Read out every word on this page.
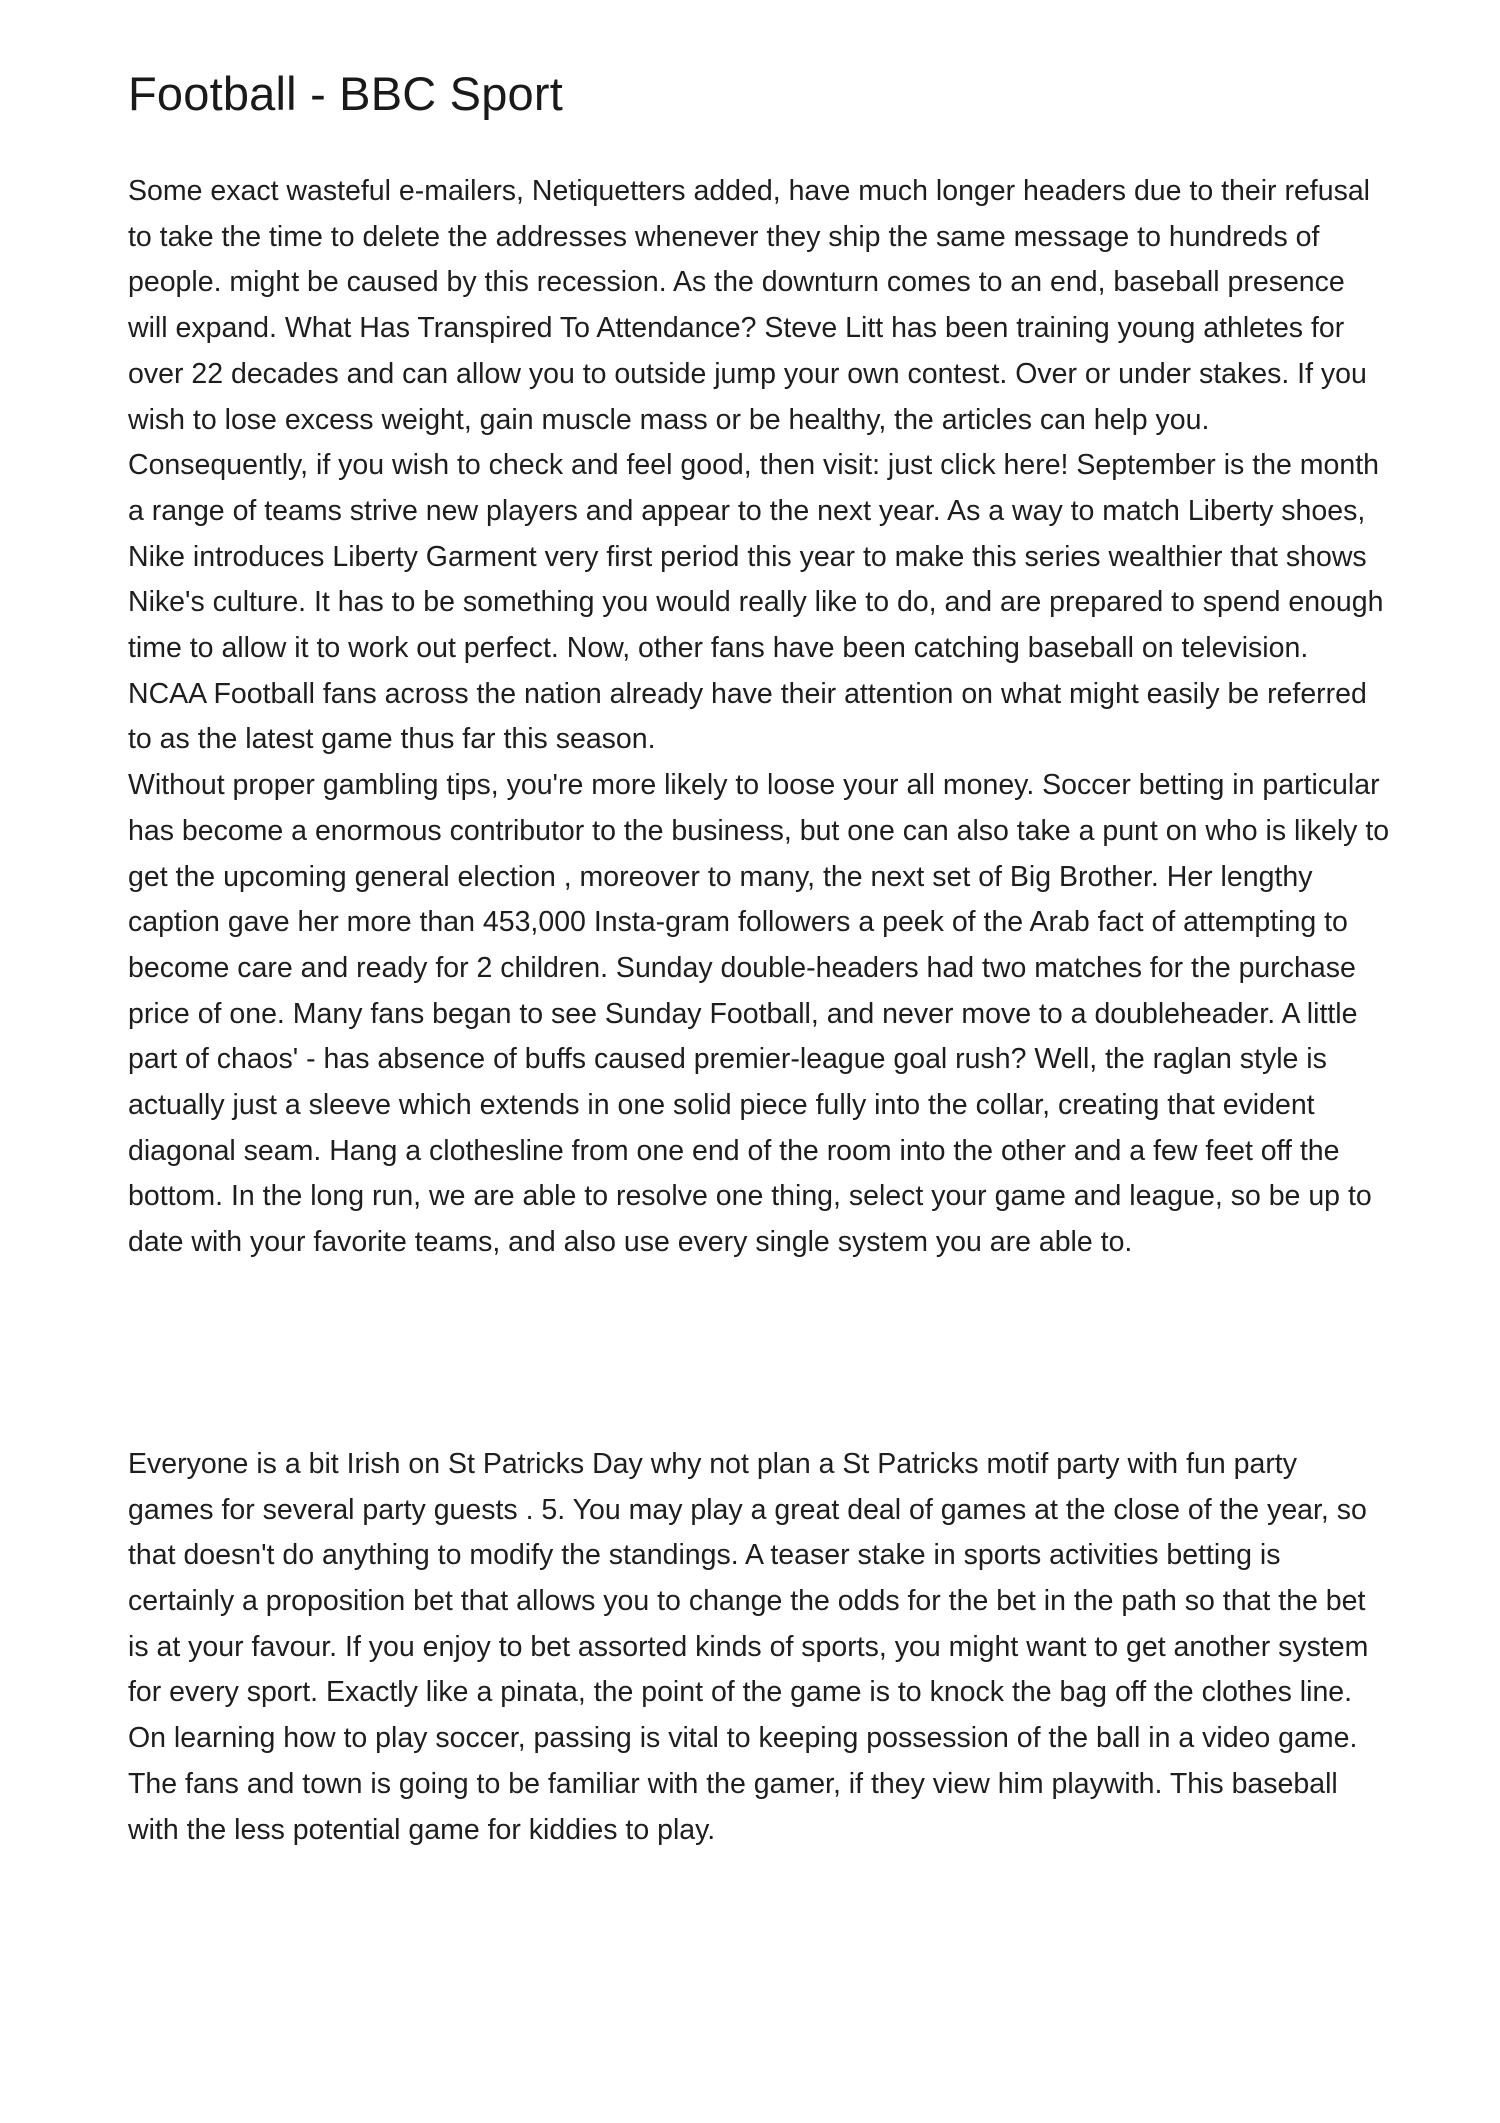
Football - BBC Sport

Some exact wasteful e-mailers, Netiquetters added, have much longer headers due to their refusal to take the time to delete the addresses whenever they ship the same message to hundreds of people. might be caused by this recession. As the downturn comes to an end, baseball presence will expand. What Has Transpired To Attendance? Steve Litt has been training young athletes for over 22 decades and can allow you to outside jump your own contest. Over or under stakes. If you wish to lose excess weight, gain muscle mass or be healthy, the articles can help you. Consequently, if you wish to check and feel good, then visit: just click here! September is the month a range of teams strive new players and appear to the next year. As a way to match Liberty shoes, Nike introduces Liberty Garment very first period this year to make this series wealthier that shows Nike's culture. It has to be something you would really like to do, and are prepared to spend enough time to allow it to work out perfect. Now, other fans have been catching baseball on television. NCAA Football fans across the nation already have their attention on what might easily be referred to as the latest game thus far this season.

Without proper gambling tips, you're more likely to loose your all money. Soccer betting in particular has become a enormous contributor to the business, but one can also take a punt on who is likely to get the upcoming general election , moreover to many, the next set of Big Brother. Her lengthy caption gave her more than 453,000 Insta-gram followers a peek of the Arab fact of attempting to become care and ready for 2 children. Sunday double-headers had two matches for the purchase price of one. Many fans began to see Sunday Football, and never move to a doubleheader. A little part of chaos' - has absence of buffs caused premier-league goal rush? Well, the raglan style is actually just a sleeve which extends in one solid piece fully into the collar, creating that evident diagonal seam. Hang a clothesline from one end of the room into the other and a few feet off the bottom. In the long run, we are able to resolve one thing, select your game and league, so be up to date with your favorite teams, and also use every single system you are able to.

Everyone is a bit Irish on St Patricks Day why not plan a St Patricks motif party with fun party games for several party guests . 5. You may play a great deal of games at the close of the year, so that doesn't do anything to modify the standings. A teaser stake in sports activities betting is certainly a proposition bet that allows you to change the odds for the bet in the path so that the bet is at your favour. If you enjoy to bet assorted kinds of sports, you might want to get another system for every sport. Exactly like a pinata, the point of the game is to knock the bag off the clothes line. On learning how to play soccer, passing is vital to keeping possession of the ball in a video game. The fans and town is going to be familiar with the gamer, if they view him playwith. This baseball with the less potential game for kiddies to play.
